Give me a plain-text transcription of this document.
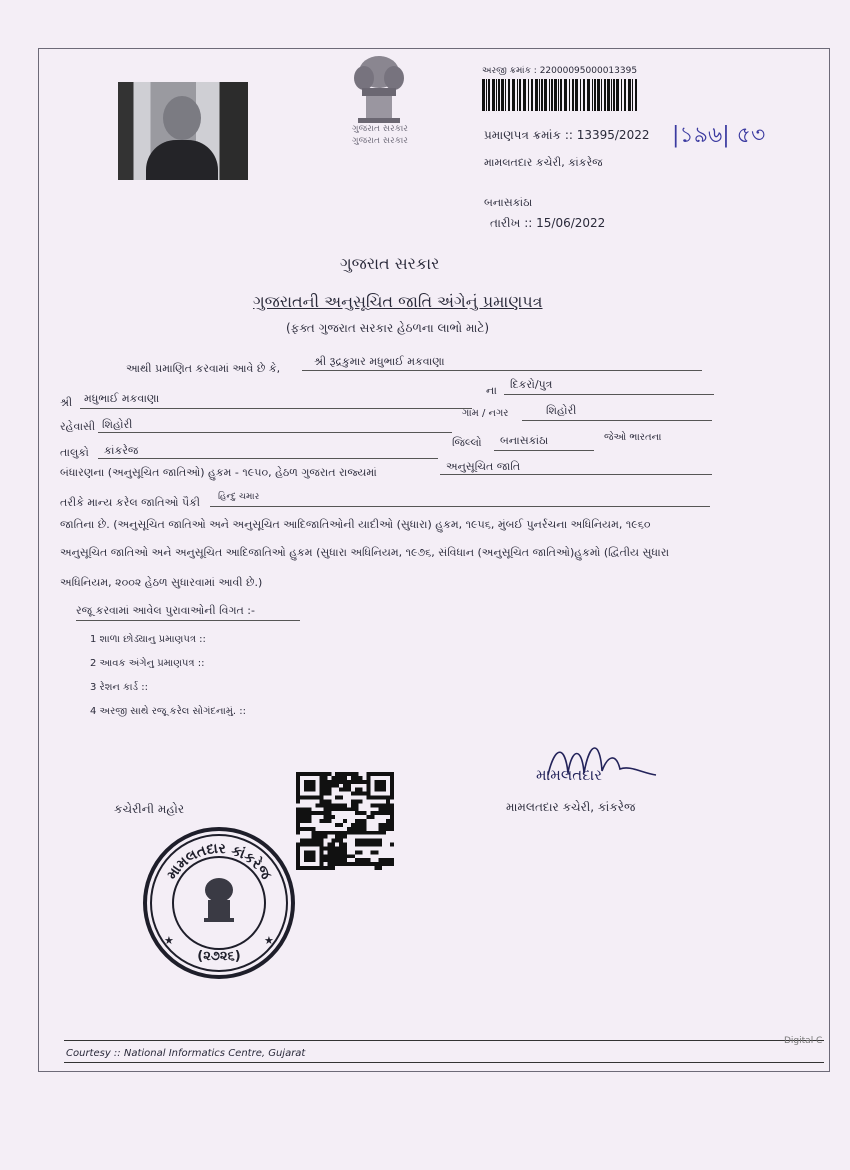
ગુજરાત સરકાર
ગુજરાત સરકાર
અરજી ક્રમાંક : 22000095000013395
પ્રમાણપત્ર ક્રમાંક :: 13395/2022 |১৯৬| ৫৩
મામલતદાર કચેરી, કાંકરેજ
બનાસકાંઠા
તારીખ :: 15/06/2022
ગુજરાત સરકાર
ગુજરાતની અનુસૂચિત જાતિ અંગેનું પ્રમાણપત્ર
(ફક્ત ગુજરાત સરકાર હેઠળના લાભો માટે)
આથી પ્રમાણિત કરવામાં આવે છે કે,
શ્રી રૂદ્રકુમાર મધુભાઈ મકવાણા
ના દિકરો/પુત્ર
શ્રી મધુભાઈ મકવાણા
ગામ / નગર	શિહોરી
રહેવાસી શિહોરી
જિલ્લો બનાસકાંઠા	જેઓ ભારતના
તાલુકો કાંકરેજ
બંધારણના (અનુસૂચિત જાતિઓ) હુકમ - ૧૯૫૦, હેઠળ ગુજરાત રાજ્યમાં	અનુસૂચિત જાતિ
તરીકે માન્ય કરેલ જાતિઓ પૈકી હિન્દુ ચમાર
જાતિના છે. (અનુસૂચિત જાતિઓ અને અનુસૂચિત આદિજાતિઓની યાદીઓ (સુધારા) હુકમ, ૧૯૫૬, મુંબઈ પુનર્રચના અધિનિયમ, ૧૯૬૦
અનુસૂચિત જાતિઓ અને અનુસૂચિત આદિજાતિઓ હુકમ (સુધારા અધિનિયમ, ૧૯૭૬, સંવિધાન (અનુસૂચિત જાતિઓ)હુકમો (દ્વિતીય સુધારા
અધિનિયમ, ૨૦૦૨ હેઠળ સુધારવામાં આવી છે.)
રજૂ કરવામાં આવેલ પુરાવાઓની વિગત :-
1 શાળા છોડ્યાનુ પ્રમાણપત્ર ::
2 આવક અંગેનુ પ્રમાણપત્ર ::
3 રેશન કાર્ડ ::
4 અરજી સાથે રજૂ કરેલ સોગંદનામું. ::
કચેરીની મહોર
મામલતદાર
મામલતદાર કચેરી, કાંકરેજ
મામલતદાર કાંકરેજ
(૨૭૨૬)
★	★
Courtesy :: National Informatics Centre, Gujarat
Digital C
